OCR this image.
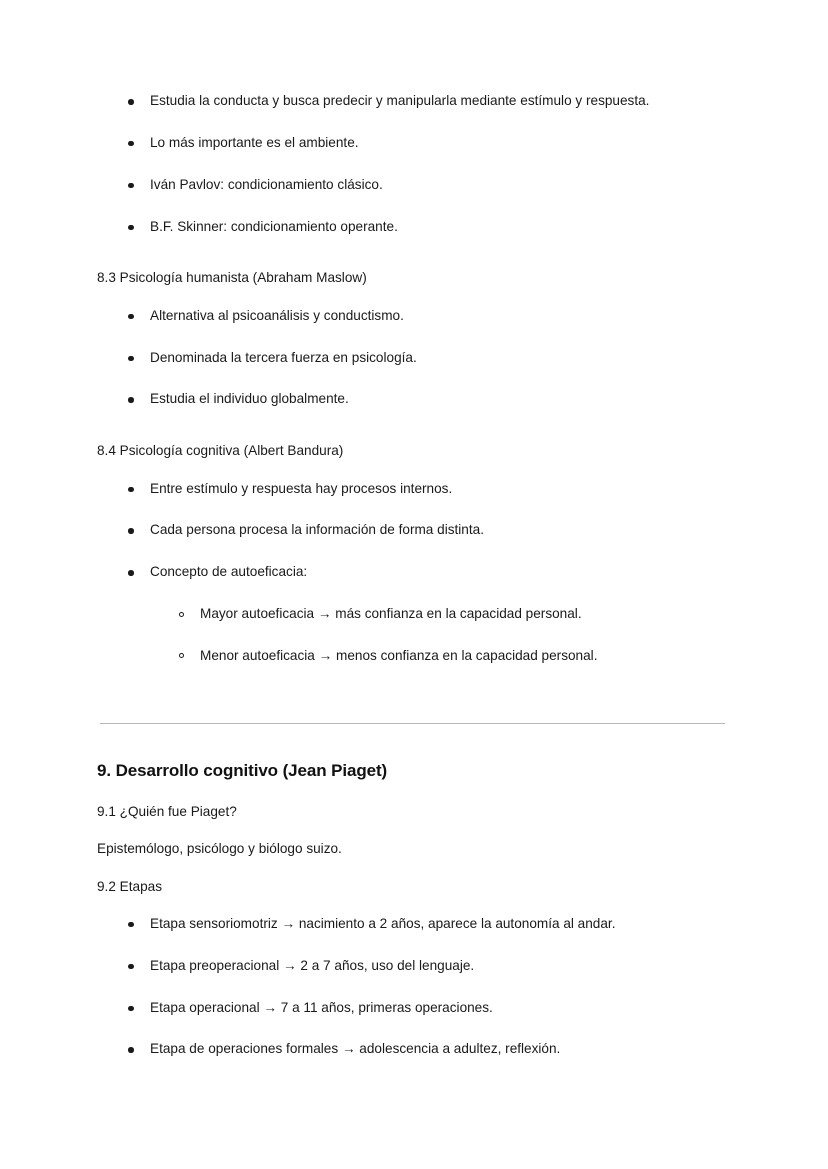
Estudia la conducta y busca predecir y manipularla mediante estímulo y respuesta.
Lo más importante es el ambiente.
Iván Pavlov: condicionamiento clásico.
B.F. Skinner: condicionamiento operante.

8.3 Psicología humanista (Abraham Maslow)

Alternativa al psicoanálisis y conductismo.
Denominada la tercera fuerza en psicología.
Estudia el individuo globalmente.

8.4 Psicología cognitiva (Albert Bandura)

Entre estímulo y respuesta hay procesos internos.
Cada persona procesa la información de forma distinta.
Concepto de autoeficacia:
Mayor autoeficacia → más confianza en la capacidad personal.
Menor autoeficacia → menos confianza en la capacidad personal.
9. Desarrollo cognitivo (Jean Piaget)

9.1 ¿Quién fue Piaget?

Epistemólogo, psicólogo y biólogo suizo.

9.2 Etapas

Etapa sensoriomotriz → nacimiento a 2 años, aparece la autonomía al andar.
Etapa preoperacional → 2 a 7 años, uso del lenguaje.
Etapa operacional → 7 a 11 años, primeras operaciones.
Etapa de operaciones formales → adolescencia a adultez, reflexión.
